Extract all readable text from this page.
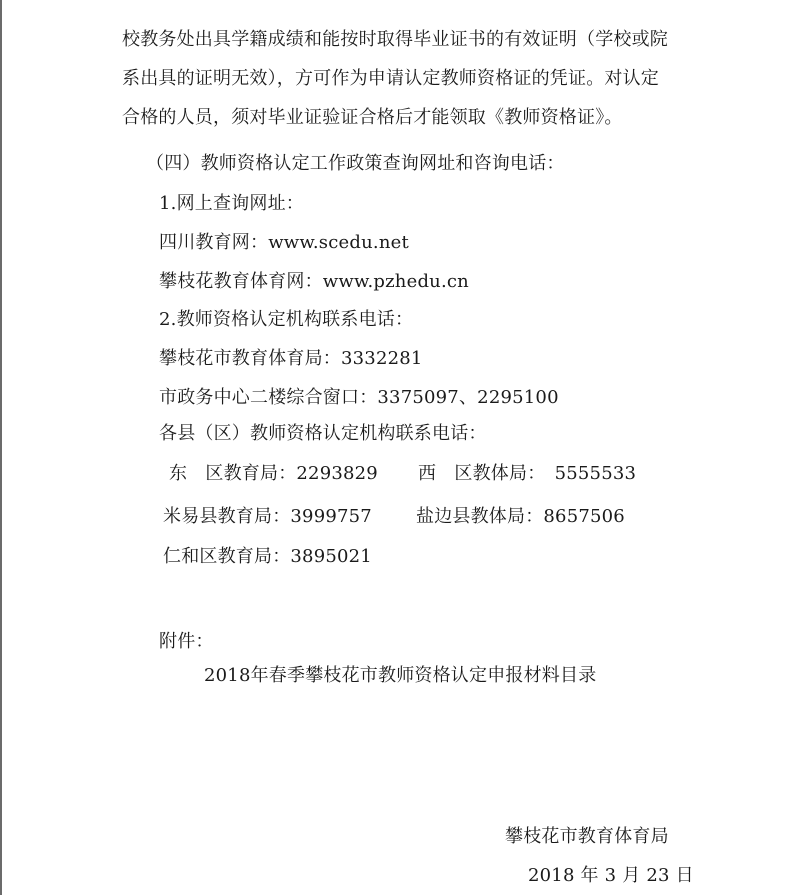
校教务处出具学籍成绩和能按时取得毕业证书的有效证明（学校或院
系出具的证明无效），方可作为申请认定教师资格证的凭证。对认定
合格的人员，须对毕业证验证合格后才能领取《教师资格证》。
（四）教师资格认定工作政策查询网址和咨询电话：
1.网上查询网址：
四川教育网：www.scedu.net
攀枝花教育体育网：www.pzhedu.cn
2.教师资格认定机构联系电话：
攀枝花市教育体育局：3332281
市政务中心二楼综合窗口：3375097、2295100
各县（区）教师资格认定机构联系电话：
东　区教育局：2293829 西　区教体局：　5555533
米易县教育局：3999757 盐边县教体局：8657506
仁和区教育局：3895021
附件：
2018年春季攀枝花市教师资格认定申报材料目录
攀枝花市教育体育局
2018 年 3 月 23 日
